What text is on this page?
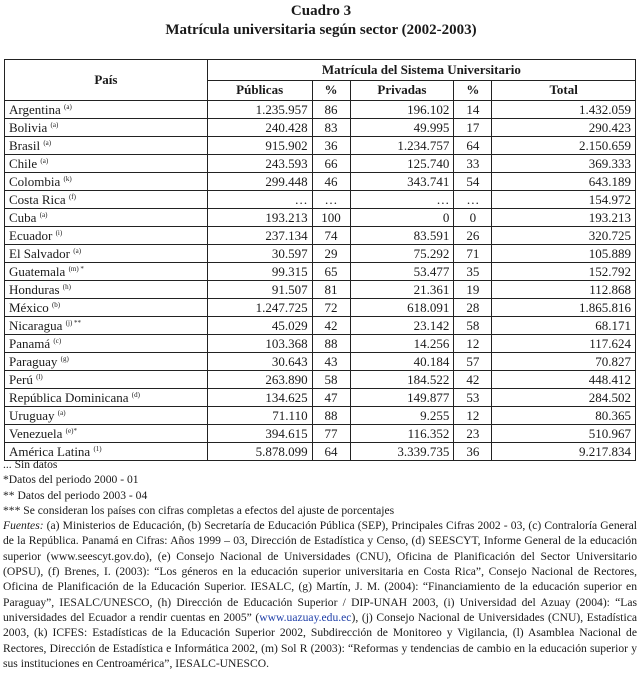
Cuadro 3
Matrícula universitaria según sector (2002-2003)
País	Matrícula del Sistema Universitario				
	Públicas	%	Privadas	%	Total
Argentina $^{(a)}$	1.235.957	86	196.102	14	1.432.059
Bolivia $^{(a)}$	240.428	83	49.995	17	290.423
Brasil $^{(a)}$	915.902	36	1.234.757	64	2.150.659
Chile $^{(a)}$	243.593	66	125.740	33	369.333
Colombia $^{(k)}$	299.448	46	343.741	54	643.189
Costa Rica $^{(f)}$	…	…	…	…	154.972
Cuba $^{(a)}$	193.213	100	0	0	193.213
Ecuador $^{(i)}$	237.134	74	83.591	26	320.725
El Salvador $^{(a)}$	30.597	29	75.292	71	105.889
Guatemala $^{(m) *}$	99.315	65	53.477	35	152.792
Honduras $^{(h)}$	91.507	81	21.361	19	112.868
México $^{(b)}$	1.247.725	72	618.091	28	1.865.816
Nicaragua $^{(j) **}$	45.029	42	23.142	58	68.171
Panamá $^{(c)}$	103.368	88	14.256	12	117.624
Paraguay $^{(g)}$	30.643	43	40.184	57	70.827
Perú $^{(l)}$	263.890	58	184.522	42	448.412
República Dominicana $^{(d)}$	134.625	47	149.877	53	284.502
Uruguay $^{(a)}$	71.110	88	9.255	12	80.365
Venezuela $^{(e)*}$	394.615	77	116.352	23	510.967
América Latina $^{(1)}$	5.878.099	64	3.339.735	36	9.217.834

... Sin datos

*Datos del periodo 2000 - 01

** Datos del periodo 2003 - 04

*** Se consideran los países con cifras completas a efectos del ajuste de porcentajes

Fuentes: (a) Ministerios de Educación, (b) Secretaría de Educación Pública (SEP), Principales Cifras 2002 - 03, (c) Contraloría General de la República. Panamá en Cifras: Años 1999 – 03, Dirección de Estadística y Censo, (d) SEESCYT, Informe General de la educación superior (www.seescyt.gov.do), (e) Consejo Nacional de Universidades (CNU), Oficina de Planificación del Sector Universitario (OPSU), (f) Brenes, I. (2003): “Los géneros en la educación superior universitaria en Costa Rica”, Consejo Nacional de Rectores, Oficina de Planificación de la Educación Superior. IESALC, (g) Martín, J. M. (2004): “Financiamiento de la educación superior en Paraguay”, IESALC/UNESCO, (h) Dirección de Educación Superior / DIP-UNAH 2003, (i) Universidad del Azuay (2004): “Las universidades del Ecuador a rendir cuentas en 2005” (www.uazuay.edu.ec), (j) Consejo Nacional de Universidades (CNU), Estadística 2003, (k) ICFES: Estadísticas de la Educación Superior 2002, Subdirección de Monitoreo y Vigilancia, (l) Asamblea Nacional de Rectores, Dirección de Estadística e Informática 2002, (m) Sol R (2003): “Reformas y tendencias de cambio en la educación superior y sus instituciones en Centroamérica”, IESALC-UNESCO.
